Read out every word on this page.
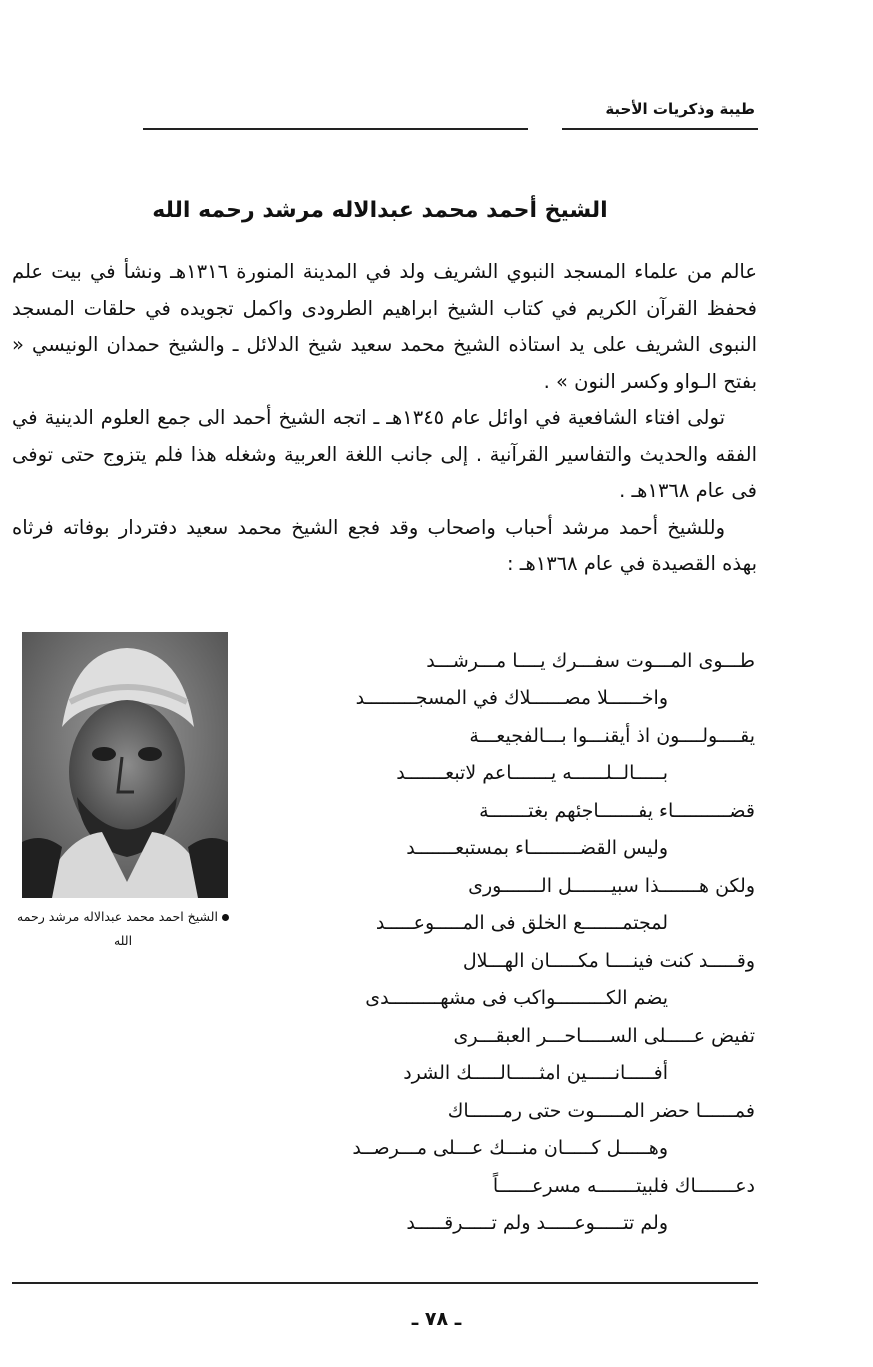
طيبة وذكريات الأحبة
الشيخ أحمد محمد عبدالاله مرشد رحمه الله

عالم من علماء المسجد النبوي الشريف ولد في المدينة المنورة ١٣١٦هـ ونشأ في بيت علم فحفظ القرآن الكريم في كتاب الشيخ ابراهيم الطرودى واكمل تجويده في حلقات المسجد النبوى الشريف على يد استاذه الشيخ محمد سعيد شيخ الدلائل ـ والشيخ حمدان الونيسي « بفتح الـواو وكسر النون » .

تولى افتاء الشافعية في اوائل عام ١٣٤٥هـ ـ اتجه الشيخ أحمد الى جمع العلوم الدينية في الفقه والحديث والتفاسير القرآنية . إلى جانب اللغة العربية وشغله هذا فلم يتزوج حتى توفى فى عام ١٣٦٨هـ .

وللشيخ أحمد مرشد أحباب واصحاب وقد فجع الشيخ محمد سعيد دفتردار بوفاته فرثاه بهذه القصيدة في عام ١٣٦٨هـ :

الشيخ احمد محمد عبدالاله مرشد رحمه الله
طـــوى المـــوت سفـــرك يــــا مـــرشـــد
واخــــــلا مصــــــلاك في المسجـــــــــد
يقــــولــــون اذ أيقنـــوا بـــالفجيعـــة
بـــــالــلــــــه يـــــــاعم لاتبعـــــــد
قضــــــــــاء يفـــــــاجئهم بغتـــــــة
وليس القضـــــــــاء بمستبعـــــــد
ولكن هـــــــذا سبيـــــــل الـــــــورى
لمجتمـــــــع الخلق فى المـــــوعـــــد
وقـــــد كنت فينــــا مكـــــان الهـــلال
يضم الكـــــــــواكب فى مشهـــــــــدى
تفيض عـــــلى الســـــاحـــر العبقـــرى
أفـــــانـــــين امثـــــالـــــك الشرد
فمــــــا حضر المـــــوت حتى رمــــــاك
وهـــــل كـــــان منـــك عـــلى مـــرصــد
دعـــــــاك فلبيتـــــــه مسرعــــــاً
ولم تتـــــوعـــــد ولم تـــــرقـــــد
ـ ٧٨ ـ
